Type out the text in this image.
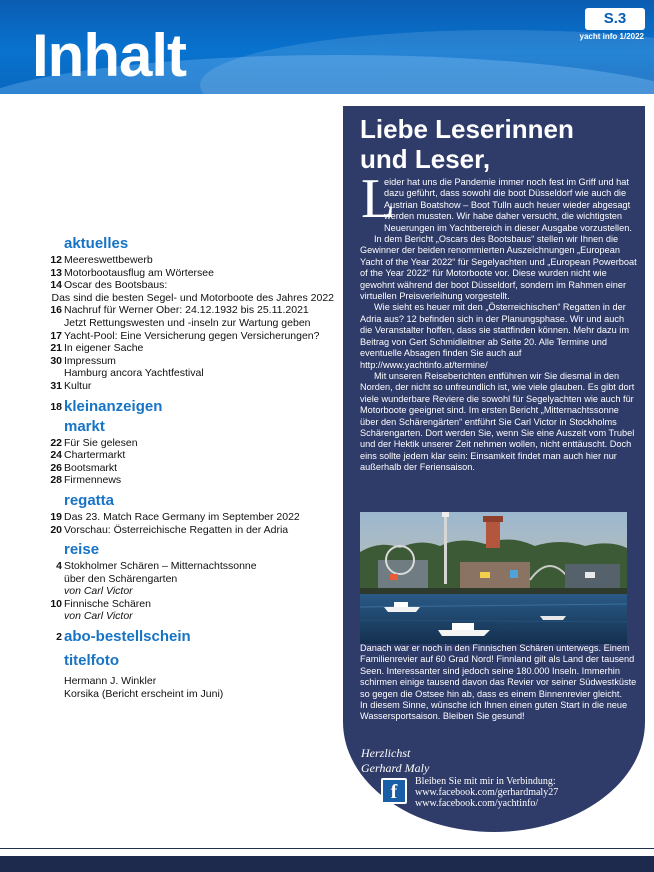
Inhalt
S.3
yacht info 1/2022
aktuelles
12 Meereswettbewerb
13 Motorbootausflug am Wörtersee
14 Oscar des Bootsbaus:
Das sind die besten Segel- und Motorboote des Jahres 2022
16 Nachruf für Werner Ober: 24.12.1932 bis 25.11.2021
Jetzt Rettungswesten und -inseln zur Wartung geben
17 Yacht-Pool: Eine Versicherung gegen Versicherungen?
21 In eigener Sache
30 Impressum
Hamburg ancora Yachtfestival
31 Kultur
18 kleinanzeigen
markt
22 Für Sie gelesen
24 Chartermarkt
26 Bootsmarkt
28 Firmennews
regatta
19 Das 23. Match Race Germany im September 2022
20 Vorschau: Österreichische Regatten in der Adria
reise
4 Stokholmer Schären – Mitternachtssonne
über den Schärengarten
von Carl Victor
10 Finnische Schären
von Carl Victor
2 abo-bestellschein
titelfoto
Hermann J. Winkler
Korsika (Bericht erscheint im Juni)
Liebe Leserinnen
und Leser,
L

eider hat uns die Pandemie immer noch fest im Griff und hat dazu geführt, dass sowohl die boot Düsseldorf wie auch die Austrian Boatshow – Boot Tulln auch heuer wieder abgesagt werden mussten. Wir habe daher versucht, die wichtigsten Neuerungen im Yachtbereich in dieser Ausgabe vorzustellen.

In dem Bericht „Oscars des Bootsbaus“ stellen wir Ihnen die Gewinner der beiden renommierten Auszeichnungen „European Yacht of the Year 2022“ für Segelyachten und „European Powerboat of the Year 2022“ für Motorboote vor. Diese wurden nicht wie gewohnt während der boot Düsseldorf, sondern im Rahmen einer virtuellen Preisverleihung vorgestellt.

Wie sieht es heuer mit den „Österreichischen“ Regatten in der Adria aus? 12 befinden sich in der Planungsphase. Wir und auch die Veranstalter hoffen, dass sie stattfinden können. Mehr dazu im Beitrag von Gert Schmidleitner ab Seite 20. Alle Termine und eventuelle Absagen finden Sie auch auf http://www.yachtinfo.at/termine/

Mit unseren Reiseberichten entführen wir Sie diesmal in den Norden, der nicht so unfreundlich ist, wie viele glauben. Es gibt dort viele wunderbare Reviere die sowohl für Segelyachten wie auch für Motorboote geeignet sind. Im ersten Bericht „Mitternachtssonne über den Schärengärten“ entführt Sie Carl Victor in Stockholms Schärengarten. Dort werden Sie, wenn Sie eine Auszeit vom Trubel und der Hektik unserer Zeit nehmen wollen, nicht enttäuscht. Doch eins sollte jedem klar sein: Einsamkeit findet man auch hier nur außerhalb der Feriensaison.

Danach war er noch in den Finnischen Schären unterwegs. Einem Familienrevier auf 60 Grad Nord! Finnland gilt als Land der tausend Seen. Interessanter sind jedoch seine 180.000 Inseln. Immerhin schirmen einige tausend davon das Revier vor seiner Südwestküste so gegen die Ostsee hin ab, dass es einem Binnenrevier gleicht.

In diesem Sinne, wünsche ich Ihnen einen guten Start in die neue Wassersportsaison. Bleiben Sie gesund!

Herzlichst
Gerhard Maly
f	Bleiben Sie mit mir in Verbindung:
www.facebook.com/gerhardmaly27
www.facebook.com/yachtinfo/
